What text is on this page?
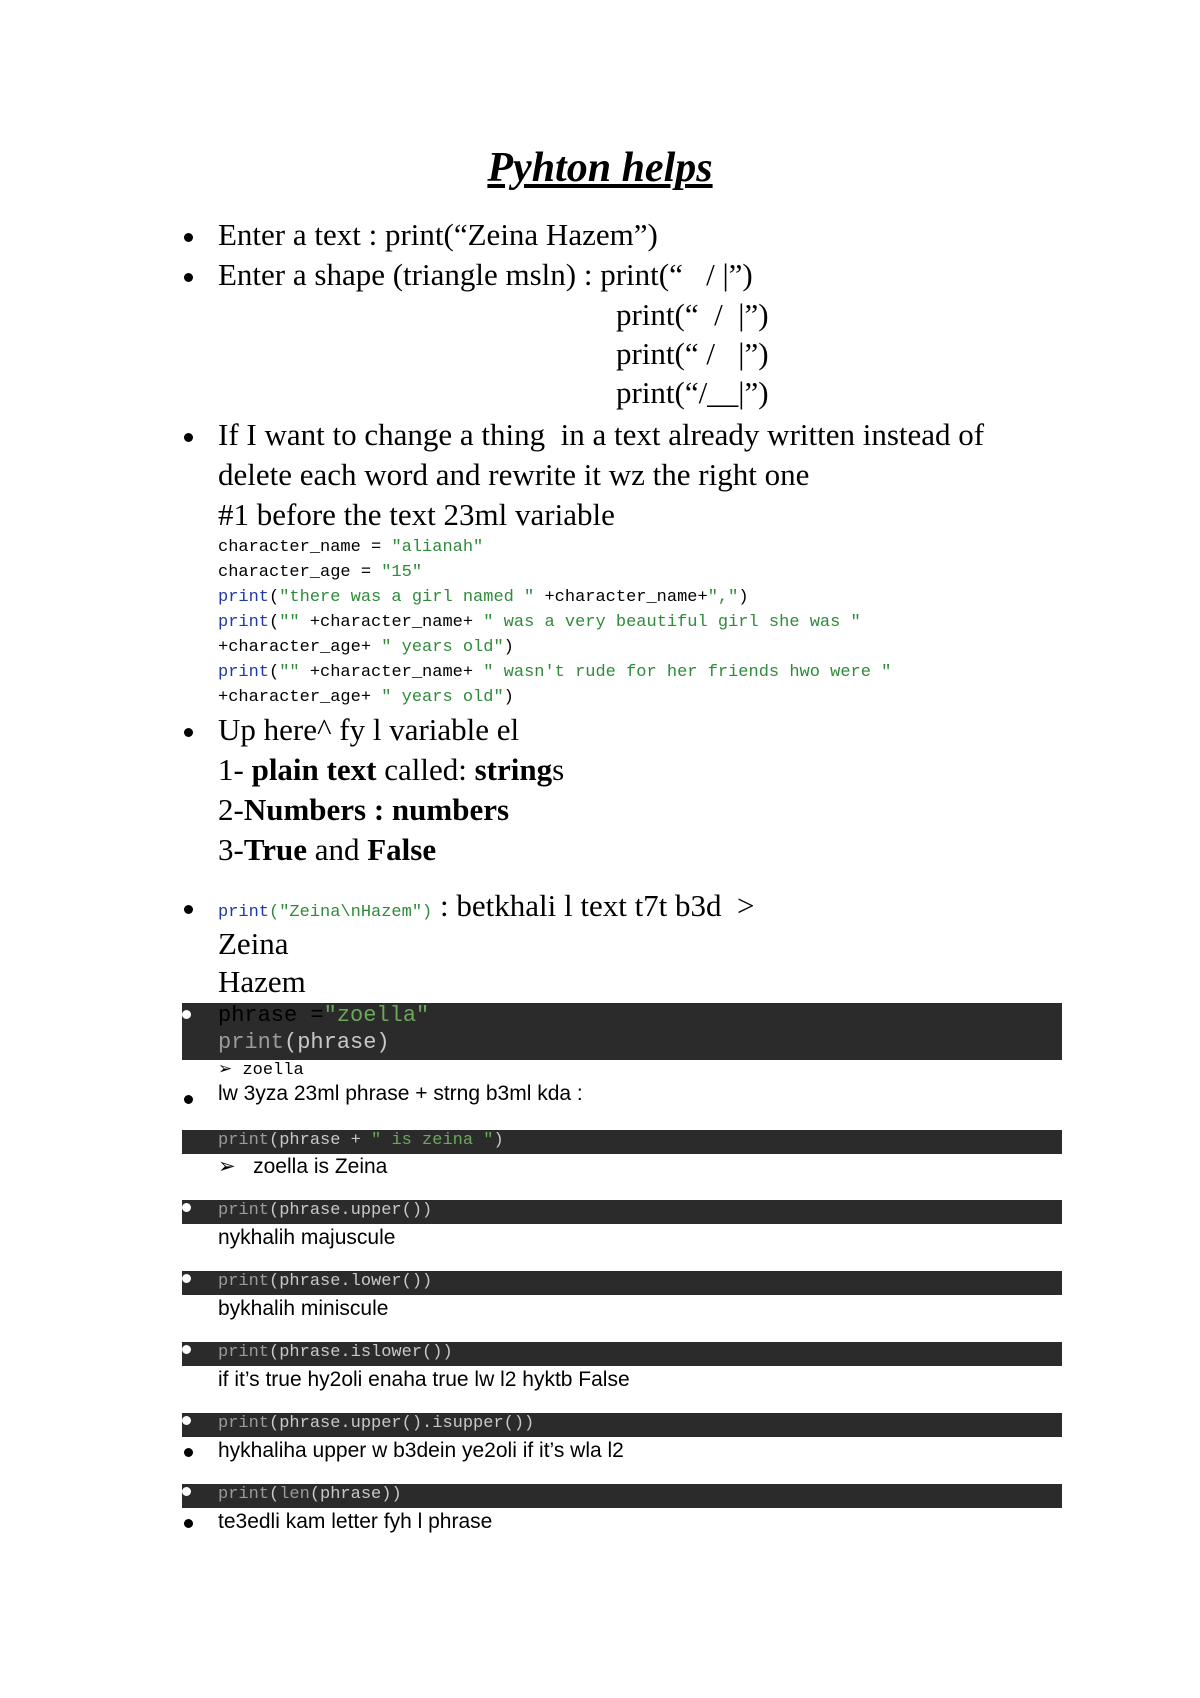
Pyhton helps
Enter a text : print(“Zeina Hazem”)
Enter a shape (triangle msln) : print(“   / |”)
print(“  /  |”)
print(“ /   |”)
print(“/__|”)
If I want to change a thing  in a text already written instead of
delete each word and rewrite it wz the right one
#1 before the text 23ml variable
character_name = "alianah"
character_age = "15"
print("there was a girl named " +character_name+",")
print("" +character_name+ " was a very beautiful girl she was "
+character_age+ " years old")
print("" +character_name+ " wasn't rude for her friends hwo were "
+character_age+ " years old")
Up here^ fy l variable el
1- plain text called: strings
2-Numbers : numbers
3-True and False
print("Zeina\nHazem") : betkhali l text t7t b3d  >
Zeina
Hazem
phrase ="zoella"
print(phrase)
➢ zoella
lw 3yza 23ml phrase + strng b3ml kda :
print(phrase + " is zeina ")
➢ zoella is Zeina
print(phrase.upper())
nykhalih majuscule
print(phrase.lower())
bykhalih miniscule
print(phrase.islower())
if it’s true hy2oli enaha true lw l2 hyktb False
print(phrase.upper().isupper())
hykhaliha upper w b3dein ye2oli if it’s wla l2
print(len(phrase))
te3edli kam letter fyh l phrase
